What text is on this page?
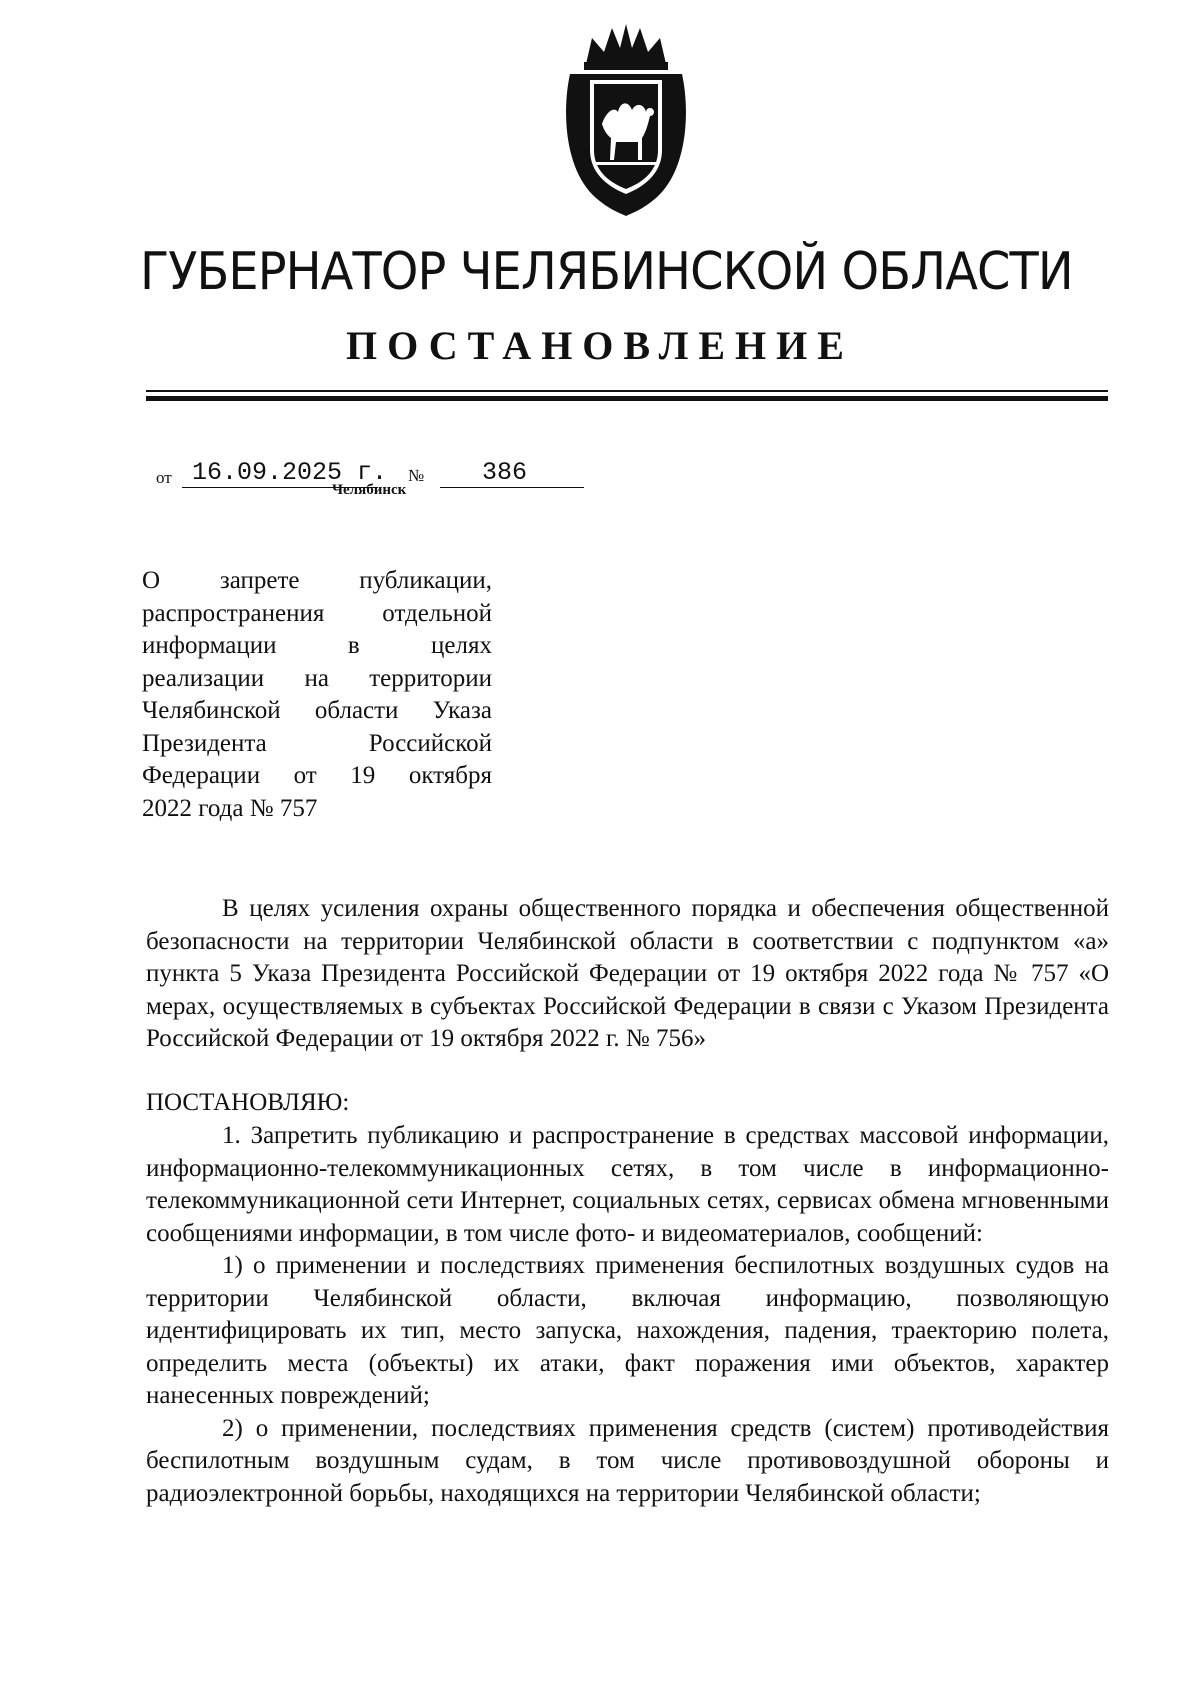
ГУБЕРНАТОР ЧЕЛЯБИНСКОЙ ОБЛАСТИ
ПОСТАНОВЛЕНИЕ
от 16.09.2025 г. №	386
Челябинск
О запрете публикации,
распространения отдельной
информации в целях
реализации на территории
Челябинской области Указа
Президента Российской
Федерации от 19 октября
2022 года № 757

В целях усиления охраны общественного порядка и обеспечения общественной безопасности на территории Челябинской области в соответствии с подпунктом «а» пункта 5 Указа Президента Российской Федерации от 19 октября 2022 года № 757 «О мерах, осуществляемых в субъектах Российской Федерации в связи с Указом Президента Российской Федерации от 19 октября 2022 г. № 756»

ПОСТАНОВЛЯЮ:

1. Запретить публикацию и распространение в средствах массовой информации, информационно-телекоммуникационных сетях, в том числе в информационно-телекоммуникационной сети Интернет, социальных сетях, сервисах обмена мгновенными сообщениями информации, в том числе фото- и видеоматериалов, сообщений:

1) о применении и последствиях применения беспилотных воздушных судов на территории Челябинской области, включая информацию, позволяющую идентифицировать их тип, место запуска, нахождения, падения, траекторию полета, определить места (объекты) их атаки, факт поражения ими объектов, характер нанесенных повреждений;

2) о применении, последствиях применения средств (систем) противодействия беспилотным воздушным судам, в том числе противовоздушной обороны и радиоэлектронной борьбы, находящихся на территории Челябинской области;
